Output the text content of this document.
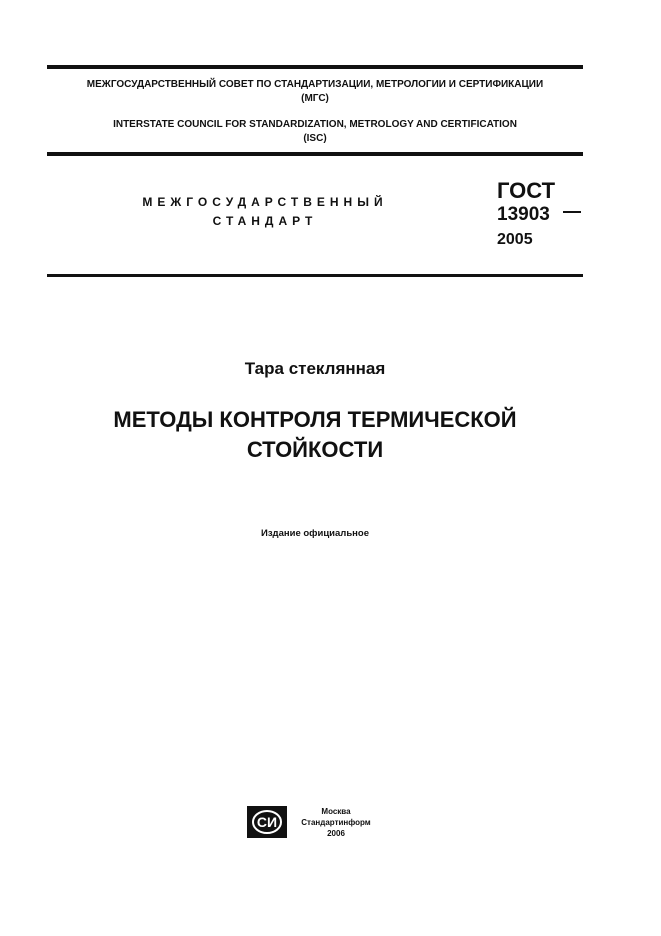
МЕЖГОСУДАРСТВЕННЫЙ СОВЕТ ПО СТАНДАРТИЗАЦИИ, МЕТРОЛОГИИ И СЕРТИФИКАЦИИ
(МГС)
INTERSTATE COUNCIL FOR STANDARDIZATION, METROLOGY AND CERTIFICATION
(ISC)
МЕЖГОСУДАРСТВЕННЫЙ
СТАНДАРТ
ГОСТ
13903
2005
Тара стеклянная
МЕТОДЫ КОНТРОЛЯ ТЕРМИЧЕСКОЙ
СТОЙКОСТИ
Издание официальное
СИ
Москва
Стандартинформ
2006
